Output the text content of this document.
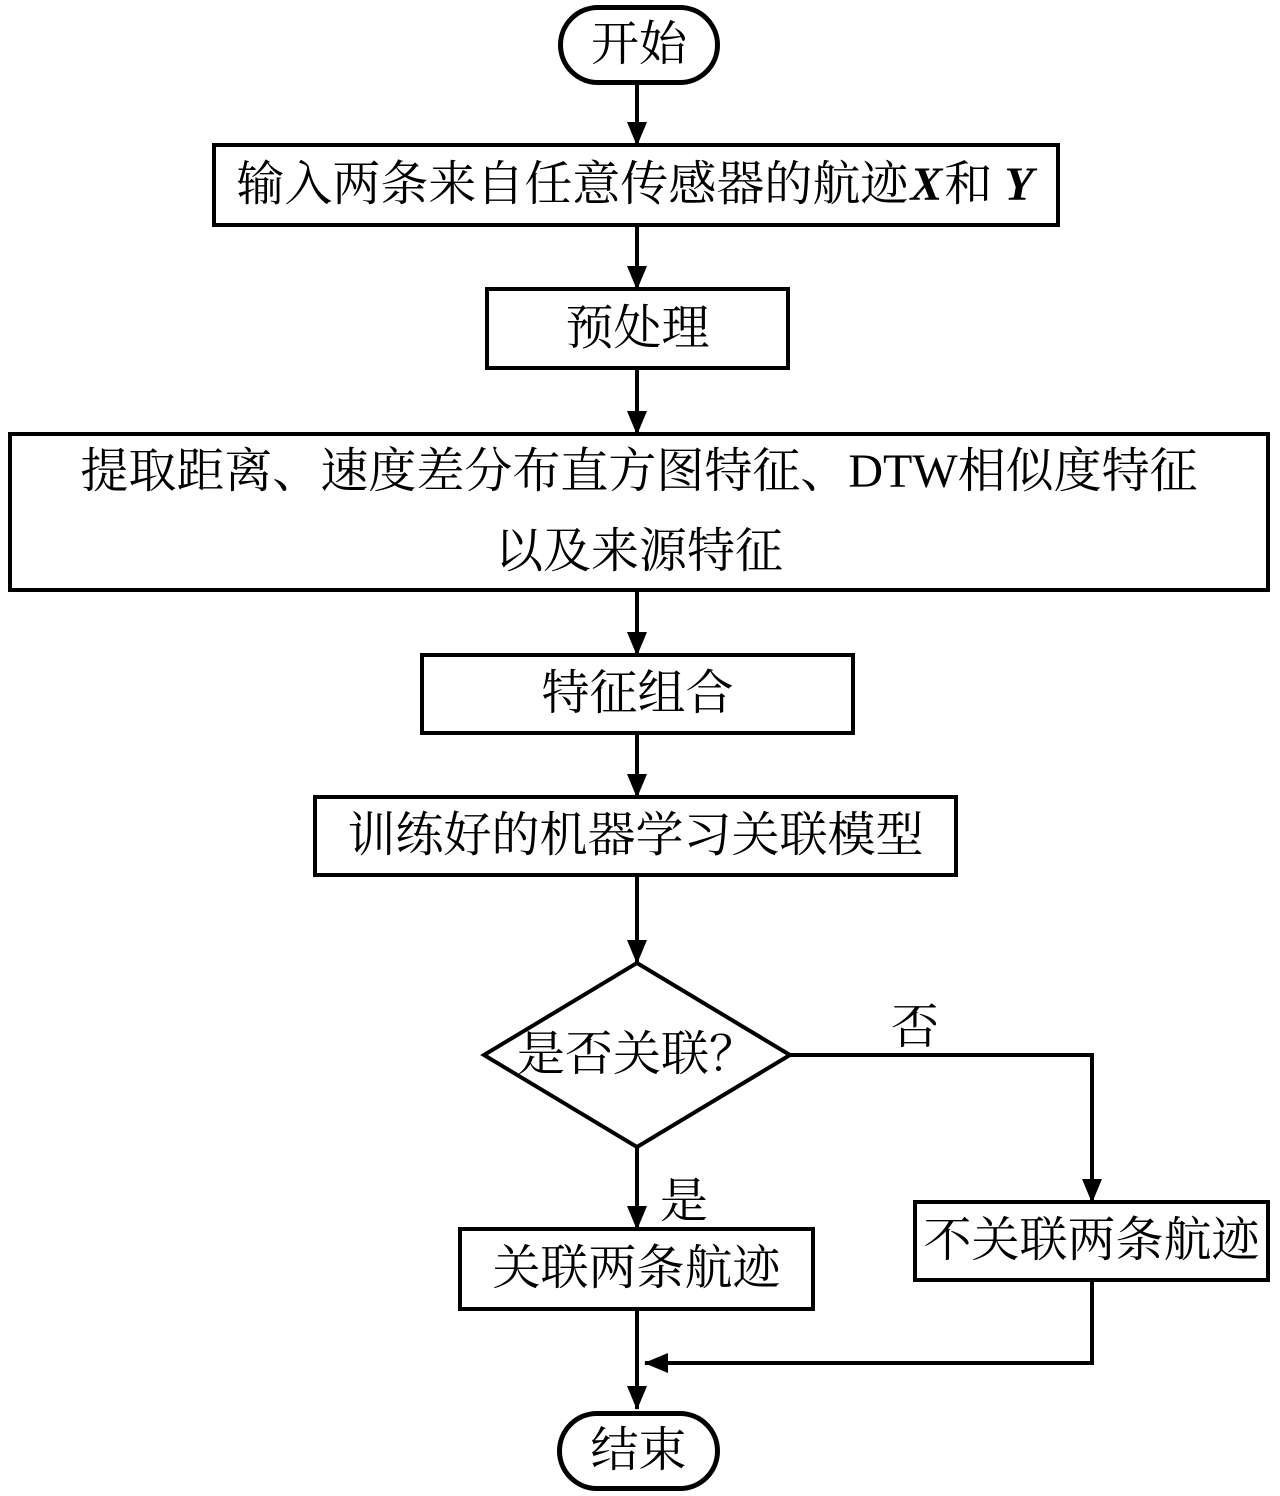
开始
输入两条来自任意传感器的航迹 X 和 Y
预处理
提取距离、速度差分布直方图特征、DTW相似度特征
以及来源特征
特征组合
训练好的机器学习关联模型
是否关联？
是
否
关联两条航迹
不关联两条航迹
结束
